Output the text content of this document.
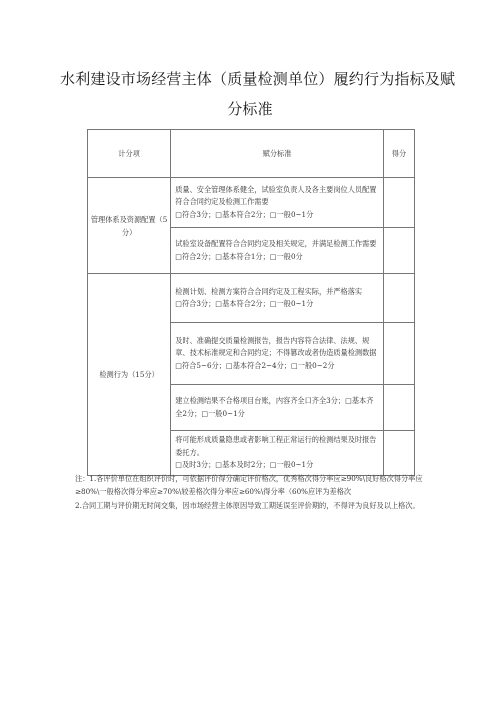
水利建设市场经营主体（质量检测单位）履约行为指标及赋
分标准
计分项	赋分标准	得分
管理体系及资源配置（5分）	质量、安全管理体系健全，试验室负责人及各主要岗位人员配置符合合同约定及检测工作需要

□符合3分；□基本符合2分；□一般0~1分	

	试验室设备配置符合合同约定及相关规定，并满足检测工作需要

□符合2分；□基本符合1分；□一般0分	

检测行为（15分）	检测计划、检测方案符合合同约定及工程实际，并严格落实

□符合3分；□基本符合2分；□一般0~1分	

	及时、准确提交质量检测报告，报告内容符合法律、法规、规章、技术标准规定和合同约定；不得篡改或者伪造质量检测数据

□符合5~6分；□基本符合2~4分；□一般0~2分	

	建立检测结果不合格项目台账，内容齐全口齐全3分；□基本齐全2分；□一般0~1分	

	将可能形成质量隐患或者影响工程正常运行的检测结果及时报告委托方。

□及时3分；□基本及时2分；□一般0~1分	

注：1.各评价单位在组织评价时，可依据评价得分确定评价格次，优秀格次得分率应≥90%\良好格次得分率应≥80%\一般格次得分率应≥70%\较差格次得分率应≥60%\得分率（60%应评为差格次

2.合同工期与评价期无时间交集，因市场经营主体原因导致工期延误至评价期的，不得评为良好及以上格次。
